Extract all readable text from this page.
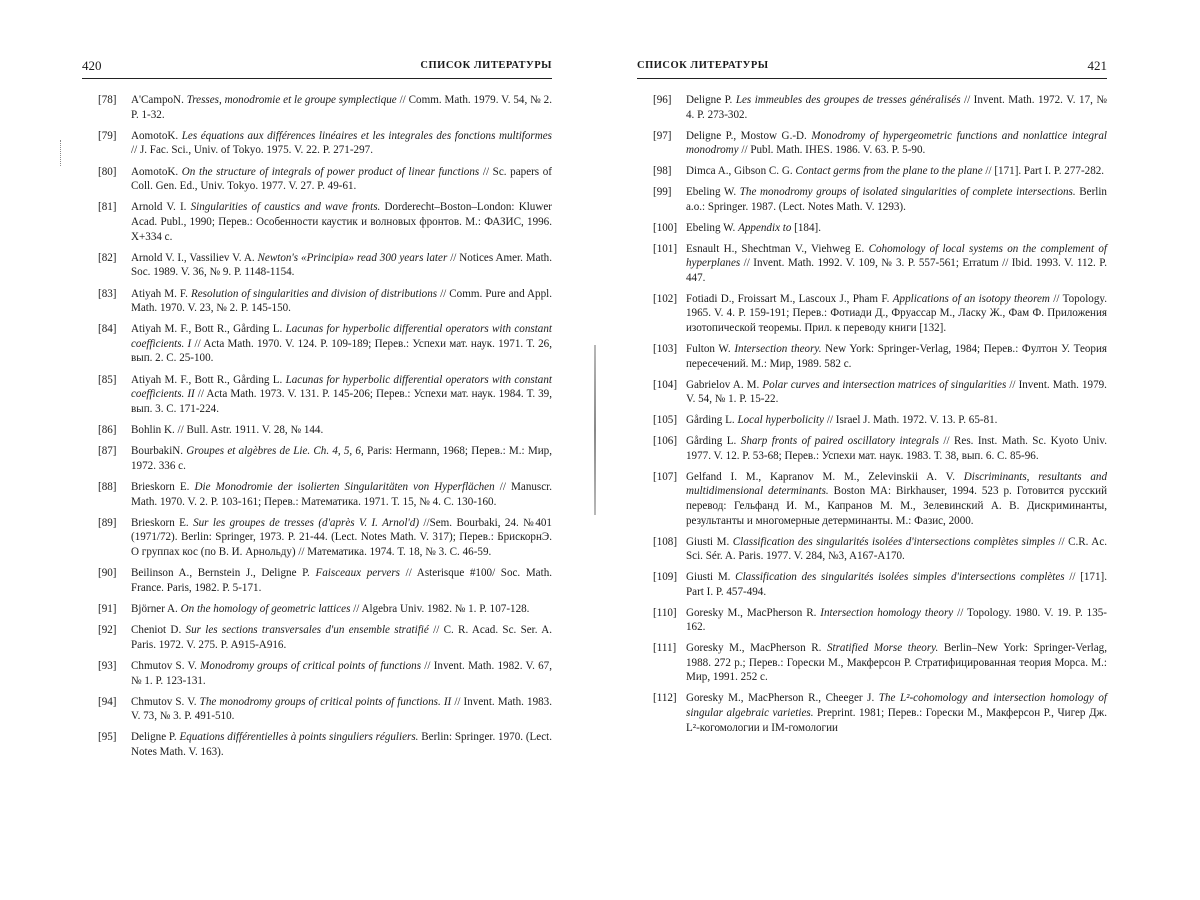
420	СПИСОК ЛИТЕРАТУРЫ
[78] A'CampoN. Tresses, monodromie et le groupe symplectique // Comm. Math. 1979. V. 54, № 2. P. 1-32.
[79] AomotoK. Les équations aux différences linéaires et les integrales des fonctions multiformes // J. Fac. Sci., Univ. of Tokyo. 1975. V. 22. P. 271-297.
[80] AomotoK. On the structure of integrals of power product of linear functions // Sc. papers of Coll. Gen. Ed., Univ. Tokyo. 1977. V. 27. P. 49-61.
[81] Arnold V. I. Singularities of caustics and wave fronts. Dorderecht–Boston–London: Kluwer Acad. Publ., 1990; Перев.: Особенности каустик и волновых фронтов. М.: ФАЗИС, 1996. X+334 с.
[82] Arnold V. I., Vassiliev V. A. Newton's «Principia» read 300 years later // Notices Amer. Math. Soc. 1989. V. 36, № 9. P. 1148-1154.
[83] Atiyah M. F. Resolution of singularities and division of distributions // Comm. Pure and Appl. Math. 1970. V. 23, № 2. P. 145-150.
[84] Atiyah M. F., Bott R., Gårding L. Lacunas for hyperbolic differential operators with constant coefficients. I // Acta Math. 1970. V. 124. P. 109-189; Перев.: Успехи мат. наук. 1971. Т. 26, вып. 2. С. 25-100.
[85] Atiyah M. F., Bott R., Gårding L. Lacunas for hyperbolic differential operators with constant coefficients. II // Acta Math. 1973. V. 131. P. 145-206; Перев.: Успехи мат. наук. 1984. Т. 39, вып. 3. С. 171-224.
[86] Bohlin K. // Bull. Astr. 1911. V. 28, № 144.
[87] BourbakiN. Groupes et algèbres de Lie. Ch. 4, 5, 6, Paris: Hermann, 1968; Перев.: М.: Мир, 1972. 336 с.
[88] Brieskorn E. Die Monodromie der isolierten Singularitäten von Hyperflächen // Manuscr. Math. 1970. V. 2. P. 103-161; Перев.: Математика. 1971. Т. 15, № 4. С. 130-160.
[89] Brieskorn E. Sur les groupes de tresses (d'après V. I. Arnol'd) //Sem. Bourbaki, 24. №401 (1971/72). Berlin: Springer, 1973. P. 21-44. (Lect. Notes Math. V. 317); Перев.: БрискорнЭ. О группах кос (по В. И. Арнольду) // Математика. 1974. Т. 18, № 3. С. 46-59.
[90] Beilinson A., Bernstein J., Deligne P. Faisceaux pervers // Asterisque #100/ Soc. Math. France. Paris, 1982. P. 5-171.
[91] Björner A. On the homology of geometric lattices // Algebra Univ. 1982. № 1. P. 107-128.
[92] Cheniot D. Sur les sections transversales d'un ensemble stratifié // C. R. Acad. Sc. Ser. A. Paris. 1972. V. 275. P. A915-A916.
[93] Chmutov S. V. Monodromy groups of critical points of functions // Invent. Math. 1982. V. 67, № 1. P. 123-131.
[94] Chmutov S. V. The monodromy groups of critical points of functions. II // Invent. Math. 1983. V. 73, № 3. P. 491-510.
[95] Deligne P. Equations différentielles à points singuliers réguliers. Berlin: Springer. 1970. (Lect. Notes Math. V. 163).
СПИСОК ЛИТЕРАТУРЫ	421
[96] Deligne P. Les immeubles des groupes de tresses généralisés // Invent. Math. 1972. V. 17, № 4. P. 273-302.
[97] Deligne P., Mostow G.-D. Monodromy of hypergeometric functions and nonlattice integral monodromy // Publ. Math. IHES. 1986. V. 63. P. 5-90.
[98] Dimca A., Gibson C. G. Contact germs from the plane to the plane // [171]. Part I. P. 277-282.
[99] Ebeling W. The monodromy groups of isolated singularities of complete intersections. Berlin a.o.: Springer. 1987. (Lect. Notes Math. V. 1293).
[100] Ebeling W. Appendix to [184].
[101] Esnault H., Shechtman V., Viehweg E. Cohomology of local systems on the complement of hyperplanes // Invent. Math. 1992. V. 109, № 3. P. 557-561; Erratum // Ibid. 1993. V. 112. P. 447.
[102] Fotiadi D., Froissart M., Lascoux J., Pham F. Applications of an isotopy theorem // Topology. 1965. V. 4. P. 159-191; Перев.: Фотиади Д., Фруассар М., Ласку Ж., Фам Ф. Приложения изотопической теоремы. Прил. к переводу книги [132].
[103] Fulton W. Intersection theory. New York: Springer-Verlag, 1984; Перев.: Фултон У. Теория пересечений. М.: Мир, 1989. 582 с.
[104] Gabrielov A. M. Polar curves and intersection matrices of singularities // Invent. Math. 1979. V. 54, № 1. P. 15-22.
[105] Gårding L. Local hyperbolicity // Israel J. Math. 1972. V. 13. P. 65-81.
[106] Gårding L. Sharp fronts of paired oscillatory integrals // Res. Inst. Math. Sc. Kyoto Univ. 1977. V. 12. P. 53-68; Перев.: Успехи мат. наук. 1983. Т. 38, вып. 6. С. 85-96.
[107] Gelfand I. M., Kapranov M. M., Zelevinskii A. V. Discriminants, resultants and multidimensional determinants. Boston MA: Birkhauser, 1994. 523 p. Готовится русский перевод: Гельфанд И. М., Капранов М. М., Зелевинский А. В. Дискриминанты, результанты и многомерные детерминанты. М.: Фазис, 2000.
[108] Giusti M. Classification des singularités isolées d'intersections complètes simples // C.R. Ac. Sci. Sér. A. Paris. 1977. V. 284, №3, A167-A170.
[109] Giusti M. Classification des singularités isolées simples d'intersections complètes // [171]. Part I. P. 457-494.
[110] Goresky M., MacPherson R. Intersection homology theory // Topology. 1980. V. 19. P. 135-162.
[111] Goresky M., MacPherson R. Stratified Morse theory. Berlin–New York: Springer-Verlag, 1988. 272 p.; Перев.: Горески М., Макферсон Р. Стратифицированная теория Морса. М.: Мир, 1991. 252 с.
[112] Goresky M., MacPherson R., Cheeger J. The L²-cohomology and intersection homology of singular algebraic varieties. Preprint. 1981; Перев.: Горески М., Макферсон Р., Чигер Дж. L²-когомологии и IM-гомологии
